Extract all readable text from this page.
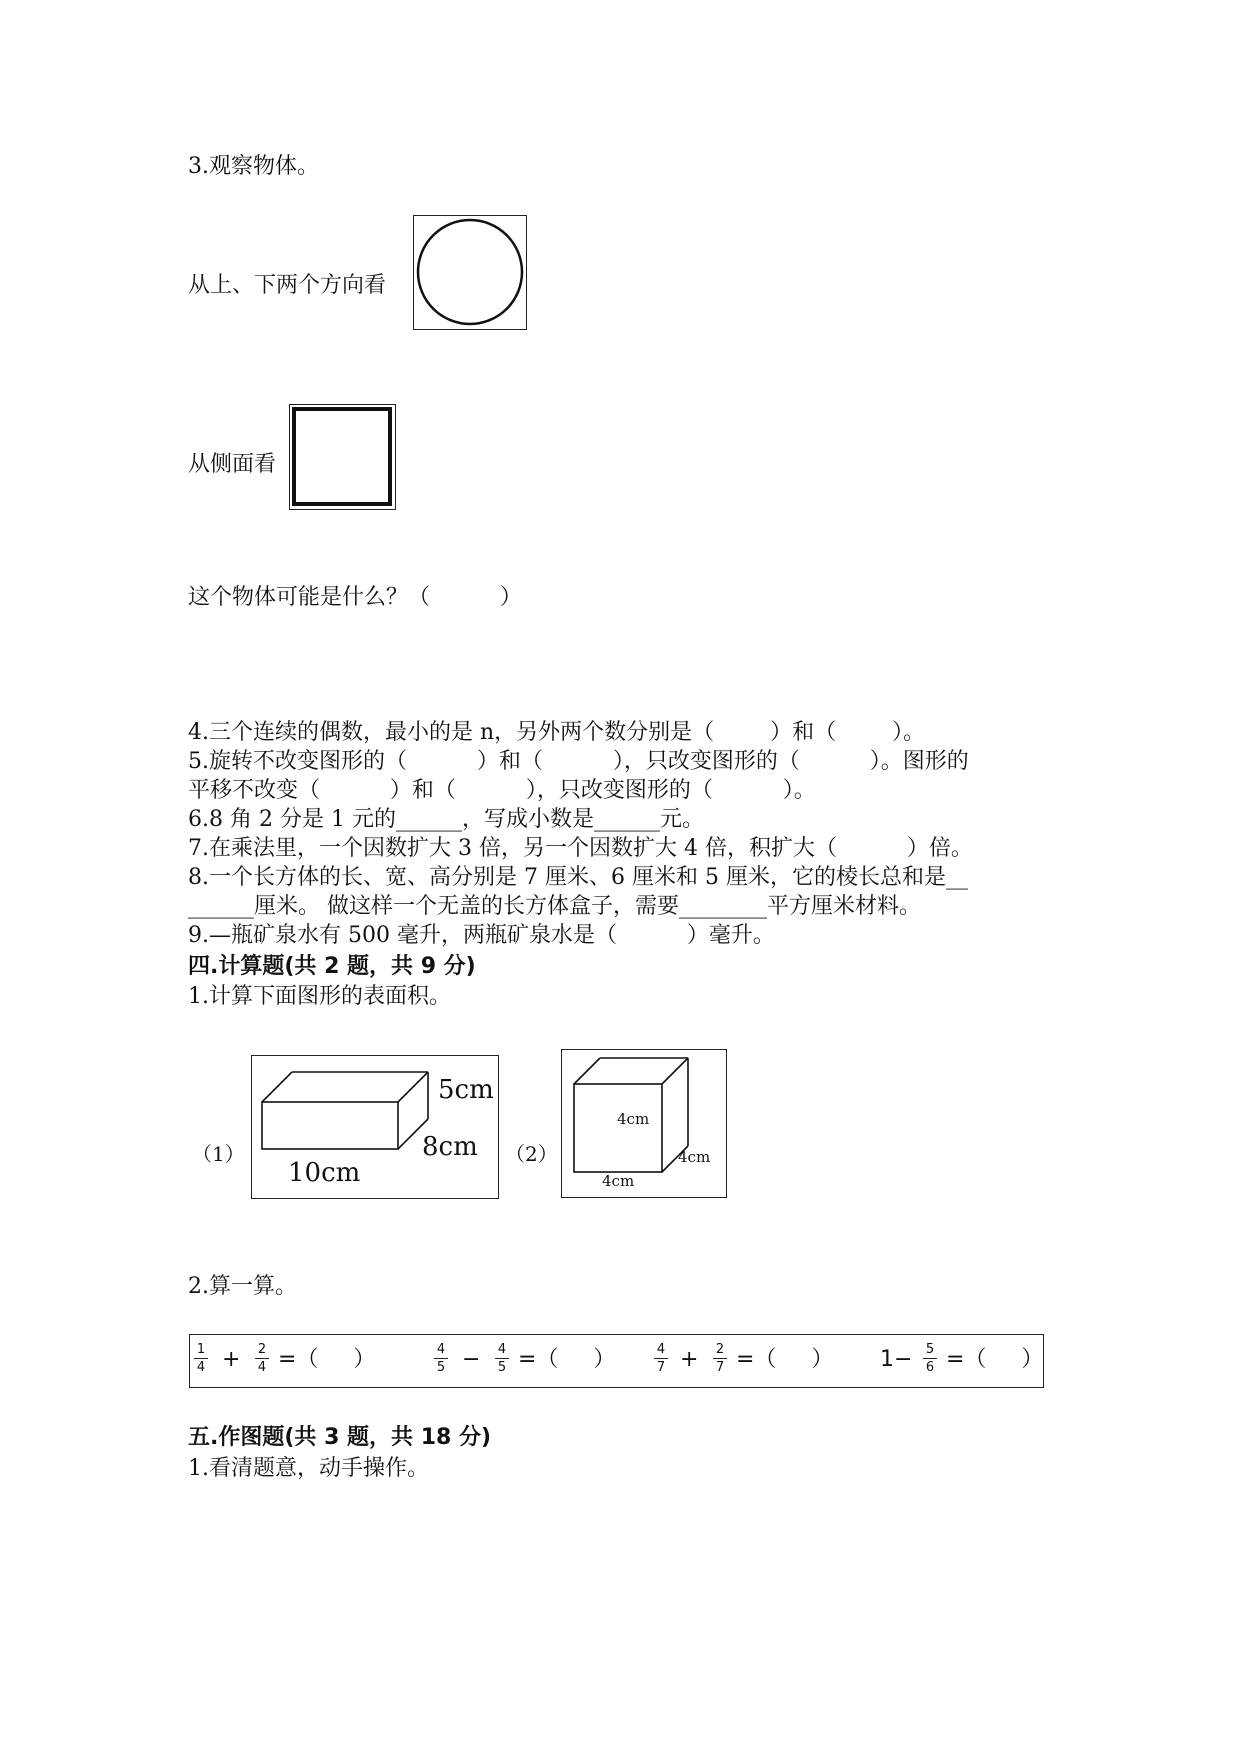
3.观察物体。
从上、下两个方向看
从侧面看
这个物体可能是什么？（          ）
4.三个连续的偶数，最小的是 n，另外两个数分别是（        ）和（        ）。
5.旋转不改变图形的（          ）和（          ），只改变图形的（          ）。图形的
平移不改变（          ）和（          ），只改变图形的（          ）。
6.8 角 2 分是 1 元的______，写成小数是______元。
7.在乘法里，一个因数扩大 3 倍，另一个因数扩大 4 倍，积扩大（          ）倍。
8.一个长方体的长、宽、高分别是 7 厘米、6 厘米和 5 厘米，它的棱长总和是__
______厘米。 做这样一个无盖的长方体盒子，需要________平方厘米材料。
9.—瓶矿泉水有 500 毫升，两瓶矿泉水是（          ）毫升。
四.计算题(共 2 题，共 9 分)
1.计算下面图形的表面积。
（1）
5cm
8cm
10cm
（2）
4cm
4cm
4cm
2.算一算。
1
4 + 2
4 =（     ）	4
5 − 4
5 =（     ）	4
7 + 2
7 =（     ） 1− 5
6 =（     ）
五.作图题(共 3 题，共 18 分)
1.看清题意，动手操作。
